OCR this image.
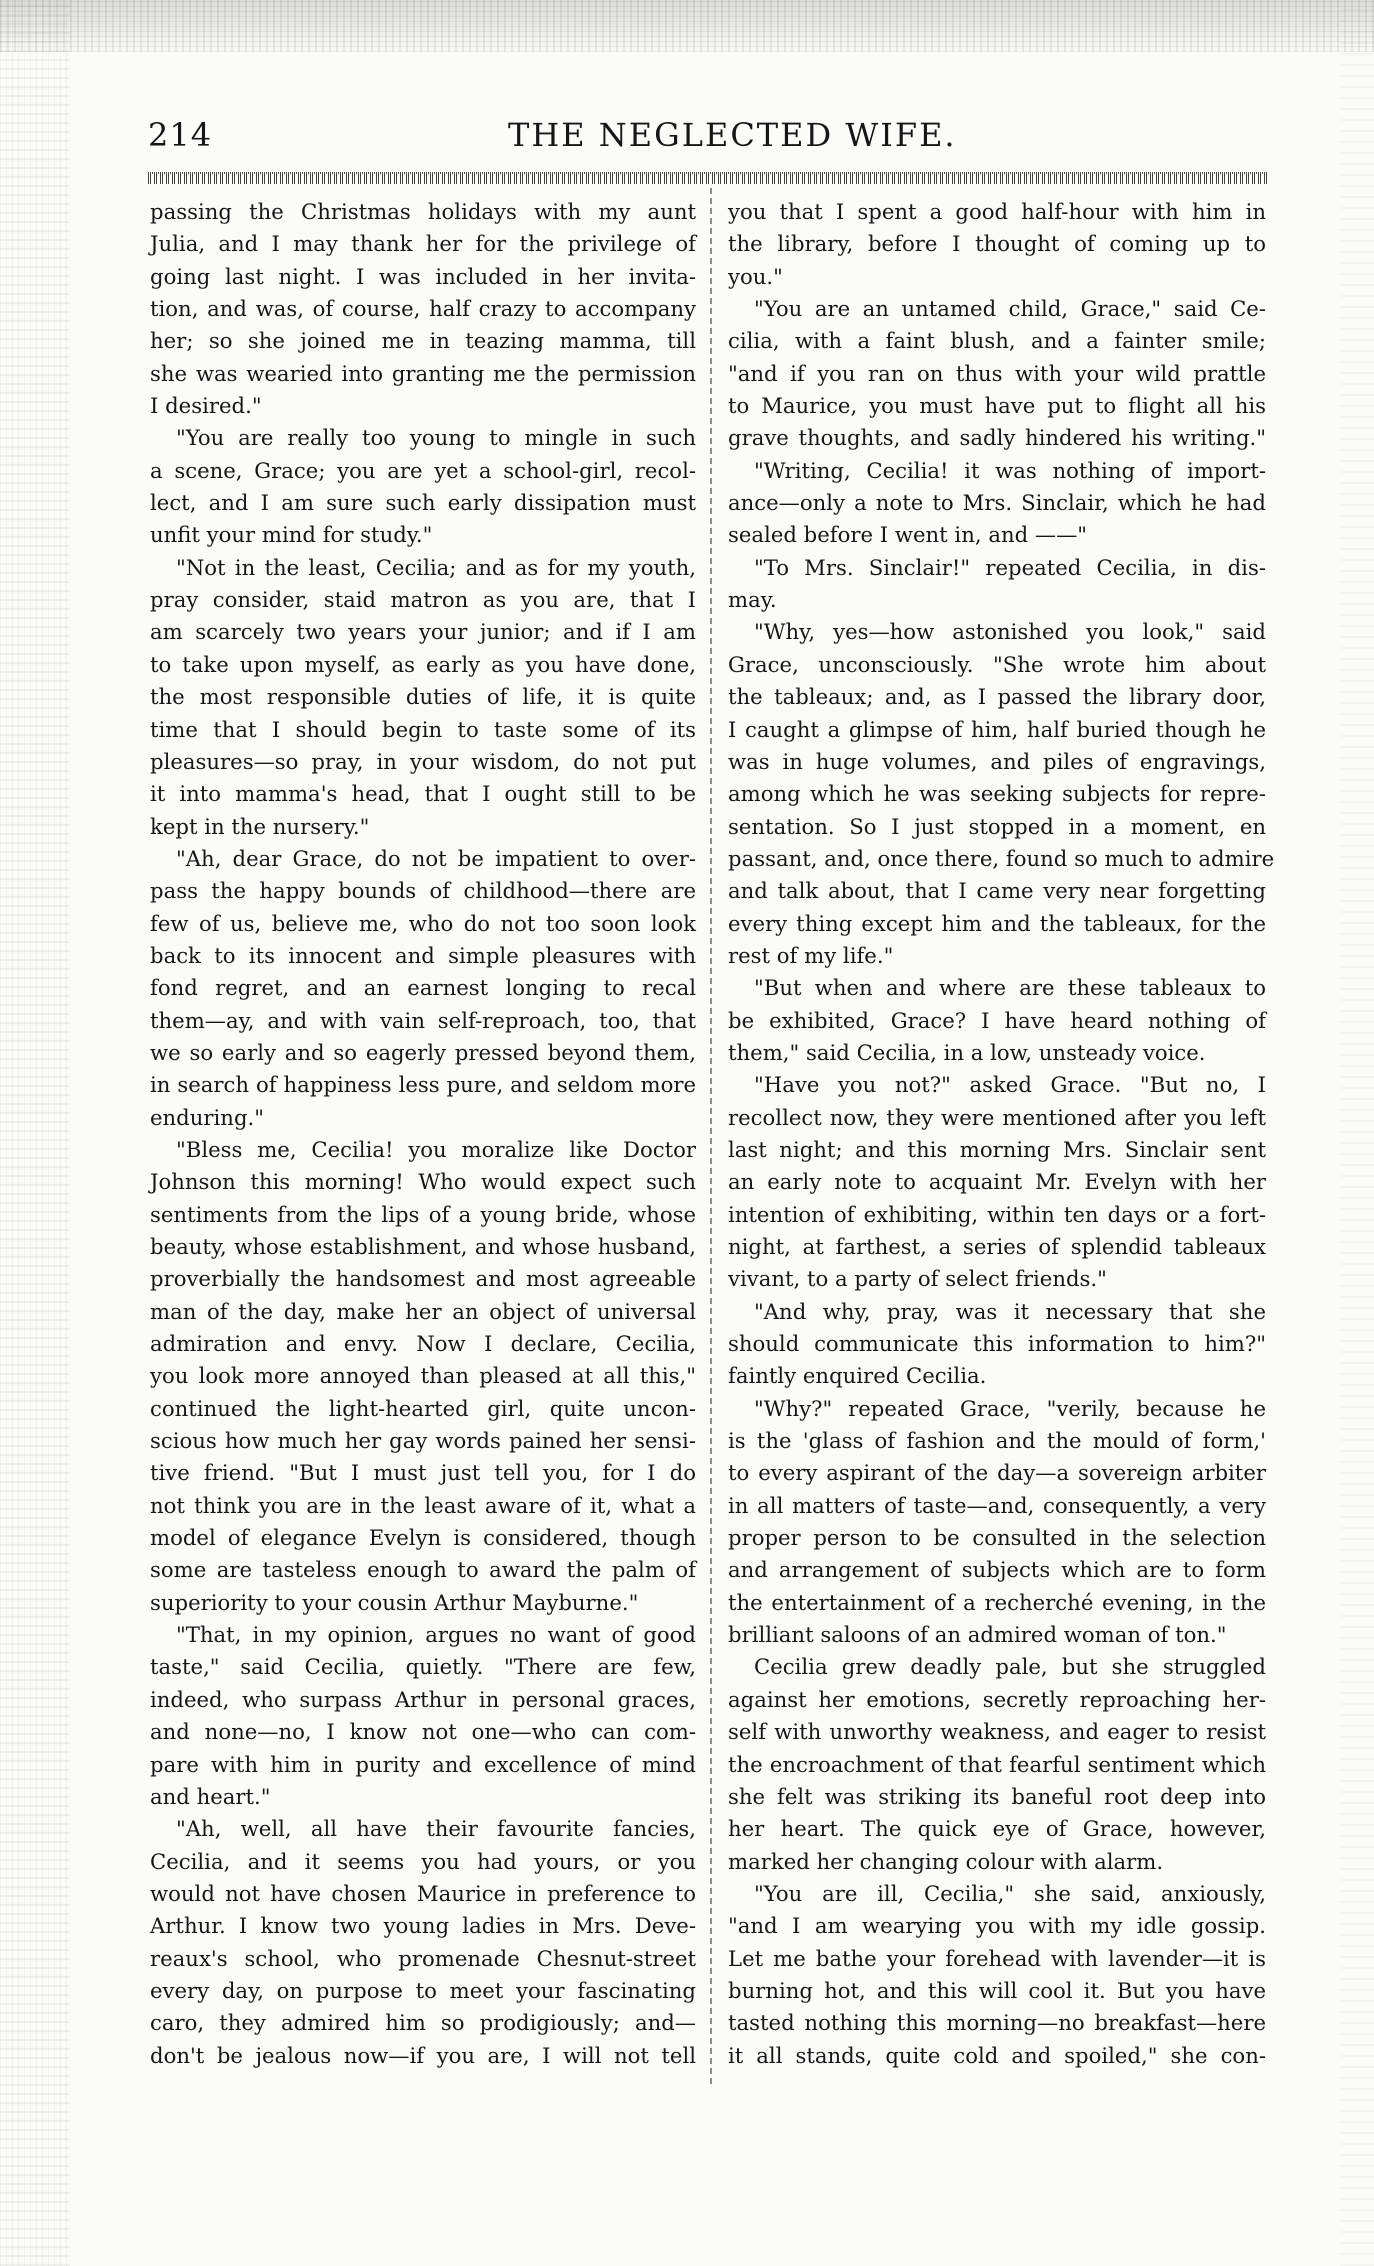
214	THE NEGLECTED WIFE.
passing the Christmas holidays with my aunt
Julia, and I may thank her for the privilege of
going last night. I was included in her invita-
tion, and was, of course, half crazy to accompany
her; so she joined me in teazing mamma, till
she was wearied into granting me the permission
I desired."
"You are really too young to mingle in such
a scene, Grace; you are yet a school-girl, recol-
lect, and I am sure such early dissipation must
unfit your mind for study."
"Not in the least, Cecilia; and as for my youth,
pray consider, staid matron as you are, that I
am scarcely two years your junior; and if I am
to take upon myself, as early as you have done,
the most responsible duties of life, it is quite
time that I should begin to taste some of its
pleasures—so pray, in your wisdom, do not put
it into mamma's head, that I ought still to be
kept in the nursery."
"Ah, dear Grace, do not be impatient to over-
pass the happy bounds of childhood—there are
few of us, believe me, who do not too soon look
back to its innocent and simple pleasures with
fond regret, and an earnest longing to recal
them—ay, and with vain self-reproach, too, that
we so early and so eagerly pressed beyond them,
in search of happiness less pure, and seldom more
enduring."
"Bless me, Cecilia! you moralize like Doctor
Johnson this morning! Who would expect such
sentiments from the lips of a young bride, whose
beauty, whose establishment, and whose husband,
proverbially the handsomest and most agreeable
man of the day, make her an object of universal
admiration and envy. Now I declare, Cecilia,
you look more annoyed than pleased at all this,"
continued the light-hearted girl, quite uncon-
scious how much her gay words pained her sensi-
tive friend. "But I must just tell you, for I do
not think you are in the least aware of it, what a
model of elegance Evelyn is considered, though
some are tasteless enough to award the palm of
superiority to your cousin Arthur Mayburne."
"That, in my opinion, argues no want of good
taste," said Cecilia, quietly. "There are few,
indeed, who surpass Arthur in personal graces,
and none—no, I know not one—who can com-
pare with him in purity and excellence of mind
and heart."
"Ah, well, all have their favourite fancies,
Cecilia, and it seems you had yours, or you
would not have chosen Maurice in preference to
Arthur. I know two young ladies in Mrs. Deve-
reaux's school, who promenade Chesnut-street
every day, on purpose to meet your fascinating
caro, they admired him so prodigiously; and—
don't be jealous now—if you are, I will not tell
you that I spent a good half-hour with him in
the library, before I thought of coming up to
you."
"You are an untamed child, Grace," said Ce-
cilia, with a faint blush, and a fainter smile;
"and if you ran on thus with your wild prattle
to Maurice, you must have put to flight all his
grave thoughts, and sadly hindered his writing."
"Writing, Cecilia! it was nothing of import-
ance—only a note to Mrs. Sinclair, which he had
sealed before I went in, and ——"
"To Mrs. Sinclair!" repeated Cecilia, in dis-
may.
"Why, yes—how astonished you look," said
Grace, unconsciously. "She wrote him about
the tableaux; and, as I passed the library door,
I caught a glimpse of him, half buried though he
was in huge volumes, and piles of engravings,
among which he was seeking subjects for repre-
sentation. So I just stopped in a moment, en
passant, and, once there, found so much to admire
and talk about, that I came very near forgetting
every thing except him and the tableaux, for the
rest of my life."
"But when and where are these tableaux to
be exhibited, Grace? I have heard nothing of
them," said Cecilia, in a low, unsteady voice.
"Have you not?" asked Grace. "But no, I
recollect now, they were mentioned after you left
last night; and this morning Mrs. Sinclair sent
an early note to acquaint Mr. Evelyn with her
intention of exhibiting, within ten days or a fort-
night, at farthest, a series of splendid tableaux
vivant, to a party of select friends."
"And why, pray, was it necessary that she
should communicate this information to him?"
faintly enquired Cecilia.
"Why?" repeated Grace, "verily, because he
is the 'glass of fashion and the mould of form,'
to every aspirant of the day—a sovereign arbiter
in all matters of taste—and, consequently, a very
proper person to be consulted in the selection
and arrangement of subjects which are to form
the entertainment of a recherché evening, in the
brilliant saloons of an admired woman of ton."
Cecilia grew deadly pale, but she struggled
against her emotions, secretly reproaching her-
self with unworthy weakness, and eager to resist
the encroachment of that fearful sentiment which
she felt was striking its baneful root deep into
her heart. The quick eye of Grace, however,
marked her changing colour with alarm.
"You are ill, Cecilia," she said, anxiously,
"and I am wearying you with my idle gossip.
Let me bathe your forehead with lavender—it is
burning hot, and this will cool it. But you have
tasted nothing this morning—no breakfast—here
it all stands, quite cold and spoiled," she con-
